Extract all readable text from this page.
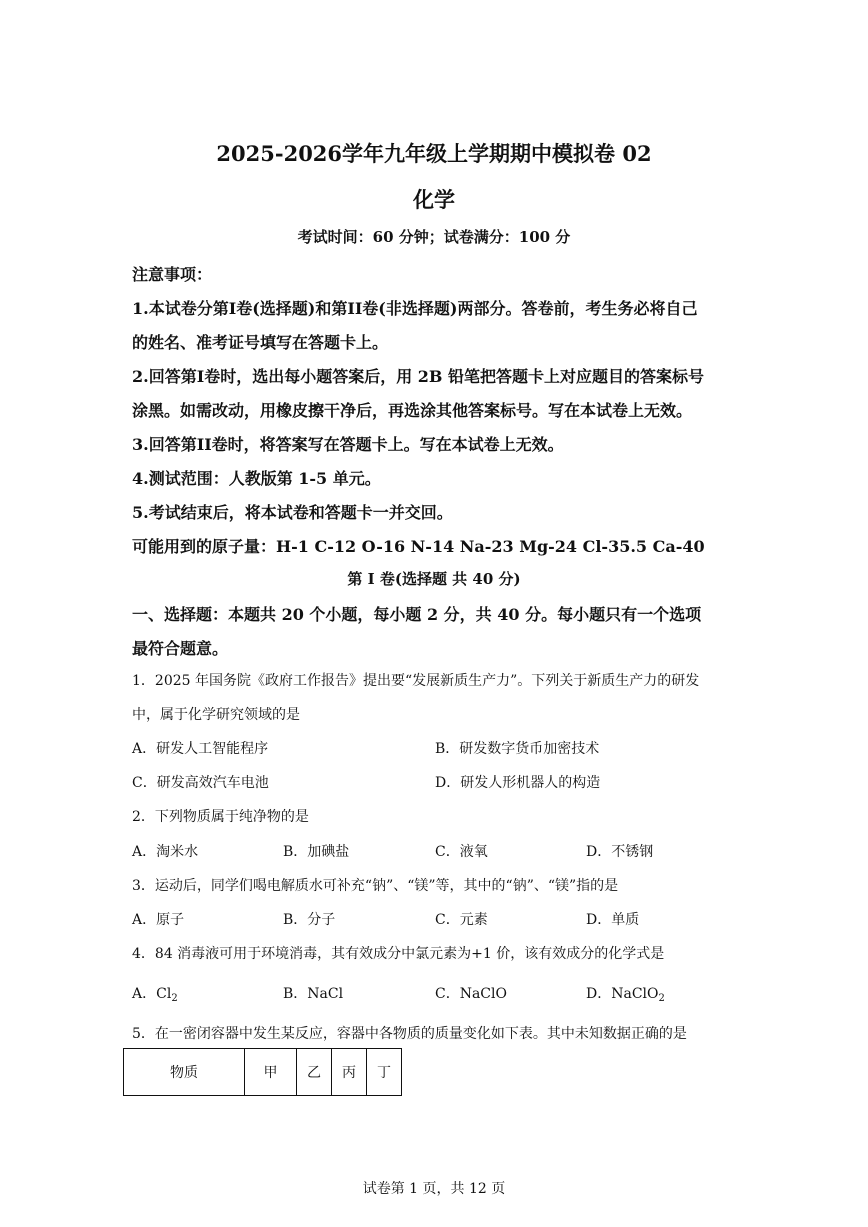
2025-2026学年九年级上学期期中模拟卷 02
化学
考试时间：60 分钟；试卷满分：100 分
注意事项：
1.本试卷分第I卷(选择题)和第II卷(非选择题)两部分。答卷前，考生务必将自己
的姓名、准考证号填写在答题卡上。
2.回答第I卷时，选出每小题答案后，用 2B 铅笔把答题卡上对应题目的答案标号
涂黑。如需改动，用橡皮擦干净后，再选涂其他答案标号。写在本试卷上无效。
3.回答第II卷时，将答案写在答题卡上。写在本试卷上无效。
4.测试范围：人教版第 1-5 单元。
5.考试结束后，将本试卷和答题卡一并交回。
可能用到的原子量：H-1 C-12 O-16 N-14 Na-23 Mg-24 Cl-35.5 Ca-40
第 I 卷(选择题 共 40 分)
一、选择题：本题共 20 个小题，每小题 2 分，共 40 分。每小题只有一个选项
最符合题意。
1．2025 年国务院《政府工作报告》提出要“发展新质生产力”。下列关于新质生产力的研发
中，属于化学研究领域的是
A．研发人工智能程序	B．研发数字货币加密技术
C．研发高效汽车电池	D．研发人形机器人的构造
2．下列物质属于纯净物的是
A．淘米水	B．加碘盐	C．液氧	D．不锈钢
3．运动后，同学们喝电解质水可补充“钠”、“镁”等，其中的“钠”、“镁”指的是
A．原子	B．分子	C．元素	D．单质
4．84 消毒液可用于环境消毒，其有效成分中氯元素为+1 价，该有效成分的化学式是
A．$Cl_2$	B．NaCl	C．NaClO	D．NaClO$_2$
5．在一密闭容器中发生某反应，容器中各物质的质量变化如下表。其中未知数据正确的是
物质	甲	乙	丙	丁
试卷第 1 页，共 12 页
